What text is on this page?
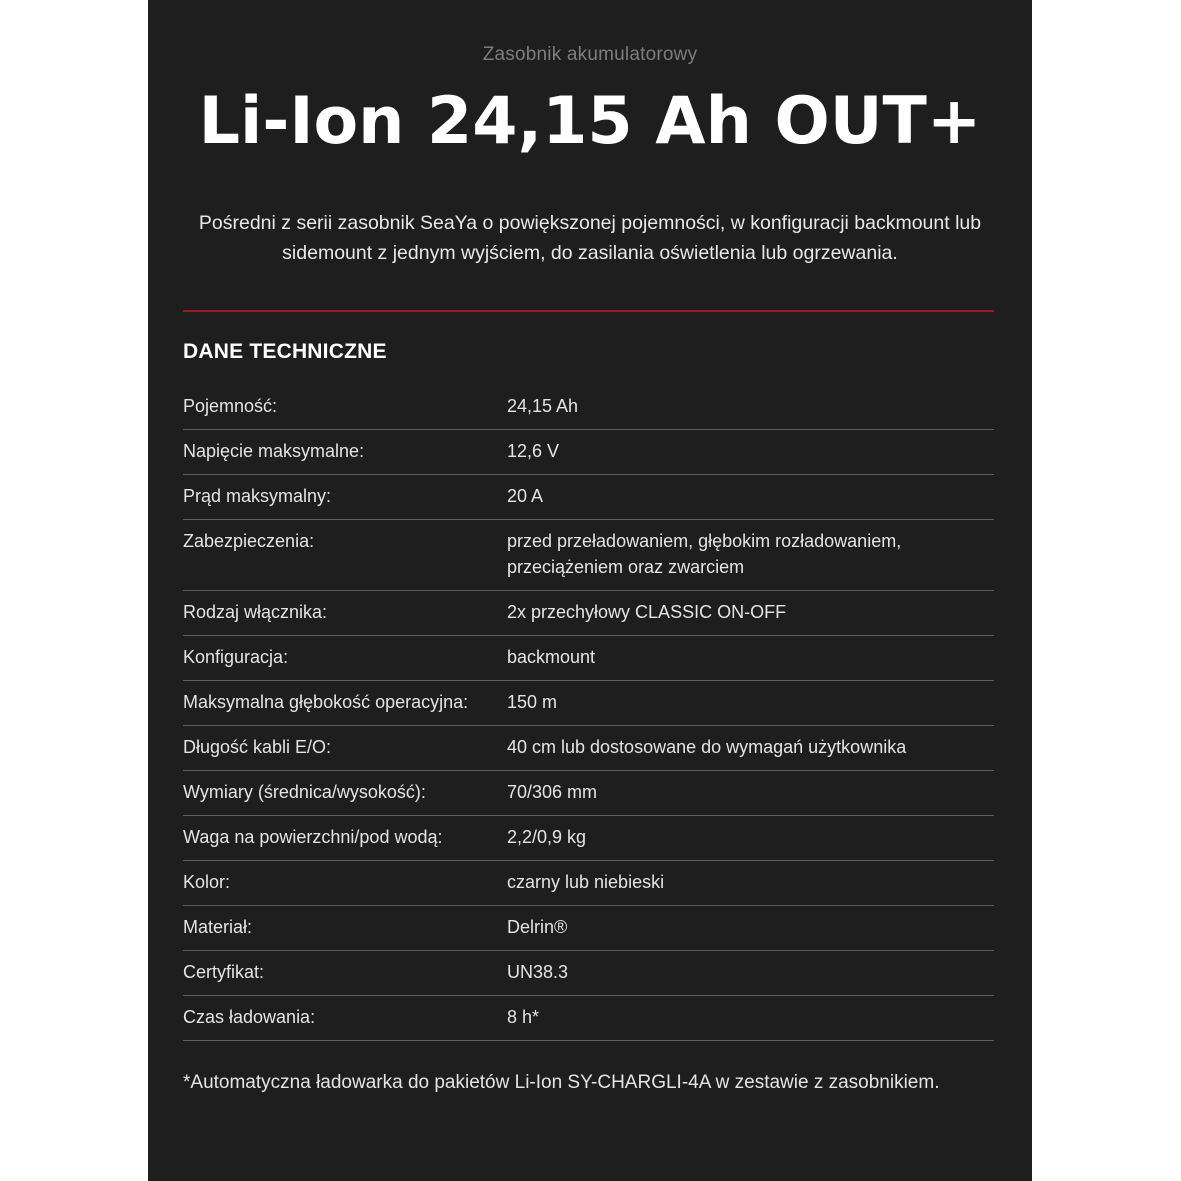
Zasobnik akumulatorowy
Li-Ion 24,15 Ah OUT+
Pośredni z serii zasobnik SeaYa o powiększonej pojemności, w konfiguracji backmount lub sidemount z jednym wyjściem, do zasilania oświetlenia lub ogrzewania.
DANE TECHNICZNE
Pojemność:	24,15 Ah
Napięcie maksymalne:	12,6 V
Prąd maksymalny:	20 A
Zabezpieczenia:	przed przeładowaniem, głębokim rozładowaniem, przeciążeniem oraz zwarciem
Rodzaj włącznika:	2x przechyłowy CLASSIC ON-OFF
Konfiguracja:	backmount
Maksymalna głębokość operacyjna:	150 m
Długość kabli E/O:	40 cm lub dostosowane do wymagań użytkownika
Wymiary (średnica/wysokość):	70/306 mm
Waga na powierzchni/pod wodą:	2,2/0,9 kg
Kolor:	czarny lub niebieski
Materiał:	Delrin®
Certyfikat:	UN38.3
Czas ładowania:	8 h*
*Automatyczna ładowarka do pakietów Li-Ion SY-CHARGLI-4A w zestawie z zasobnikiem.
